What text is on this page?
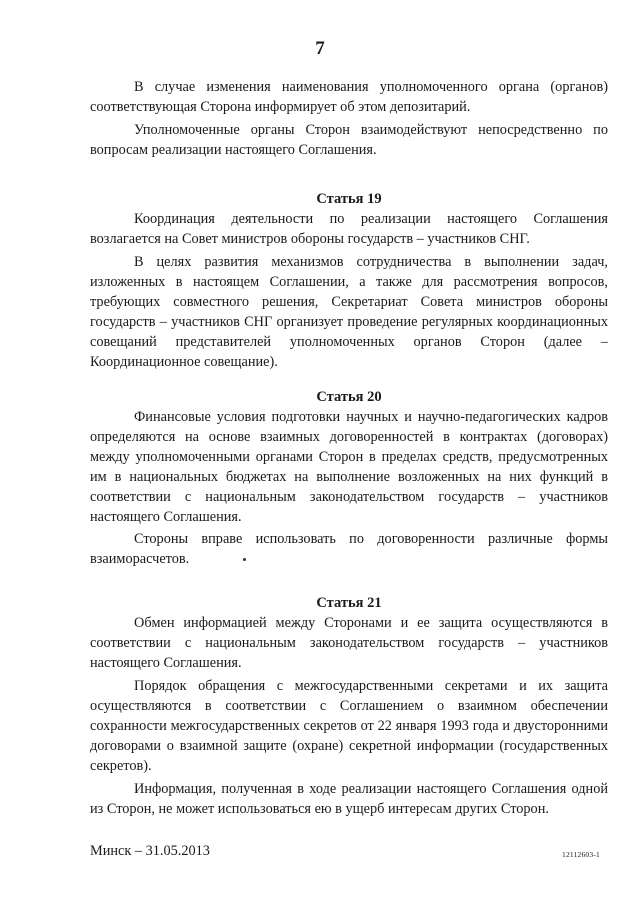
7

В случае изменения наименования уполномоченного органа (органов) соответствующая Сторона информирует об этом депозитарий.

Уполномоченные органы Сторон взаимодействуют непосредственно по вопросам реализации настоящего Соглашения.

Статья 19

Координация деятельности по реализации настоящего Соглашения возлагается на Совет министров обороны государств – участников СНГ.

В целях развития механизмов сотрудничества в выполнении задач, изложенных в настоящем Соглашении, а также для рассмотрения вопросов, требующих совместного решения, Секретариат Совета министров обороны государств – участников СНГ организует проведение регулярных координационных совещаний представителей уполномоченных органов Сторон (далее – Координационное совещание).

Статья 20

Финансовые условия подготовки научных и научно-педагогических кадров определяются на основе взаимных договоренностей в контрактах (договорах) между уполномоченными органами Сторон в пределах средств, предусмотренных им в национальных бюджетах на выполнение возложенных на них функций в соответствии с национальным законодательством государств – участников настоящего Соглашения.

Стороны вправе использовать по договоренности различные формы взаиморасчетов.

Статья 21

Обмен информацией между Сторонами и ее защита осуществляются в соответствии с национальным законодательством государств – участников настоящего Соглашения.

Порядок обращения с межгосударственными секретами и их защита осуществляются в соответствии с Соглашением о взаимном обеспечении сохранности межгосударственных секретов от 22 января 1993 года и двусторонними договорами о взаимной защите (охране) секретной информации (государственных секретов).

Информация, полученная в ходе реализации настоящего Соглашения одной из Сторон, не может использоваться ею в ущерб интересам других Сторон.

Минск – 31.05.2013	12112603-1
